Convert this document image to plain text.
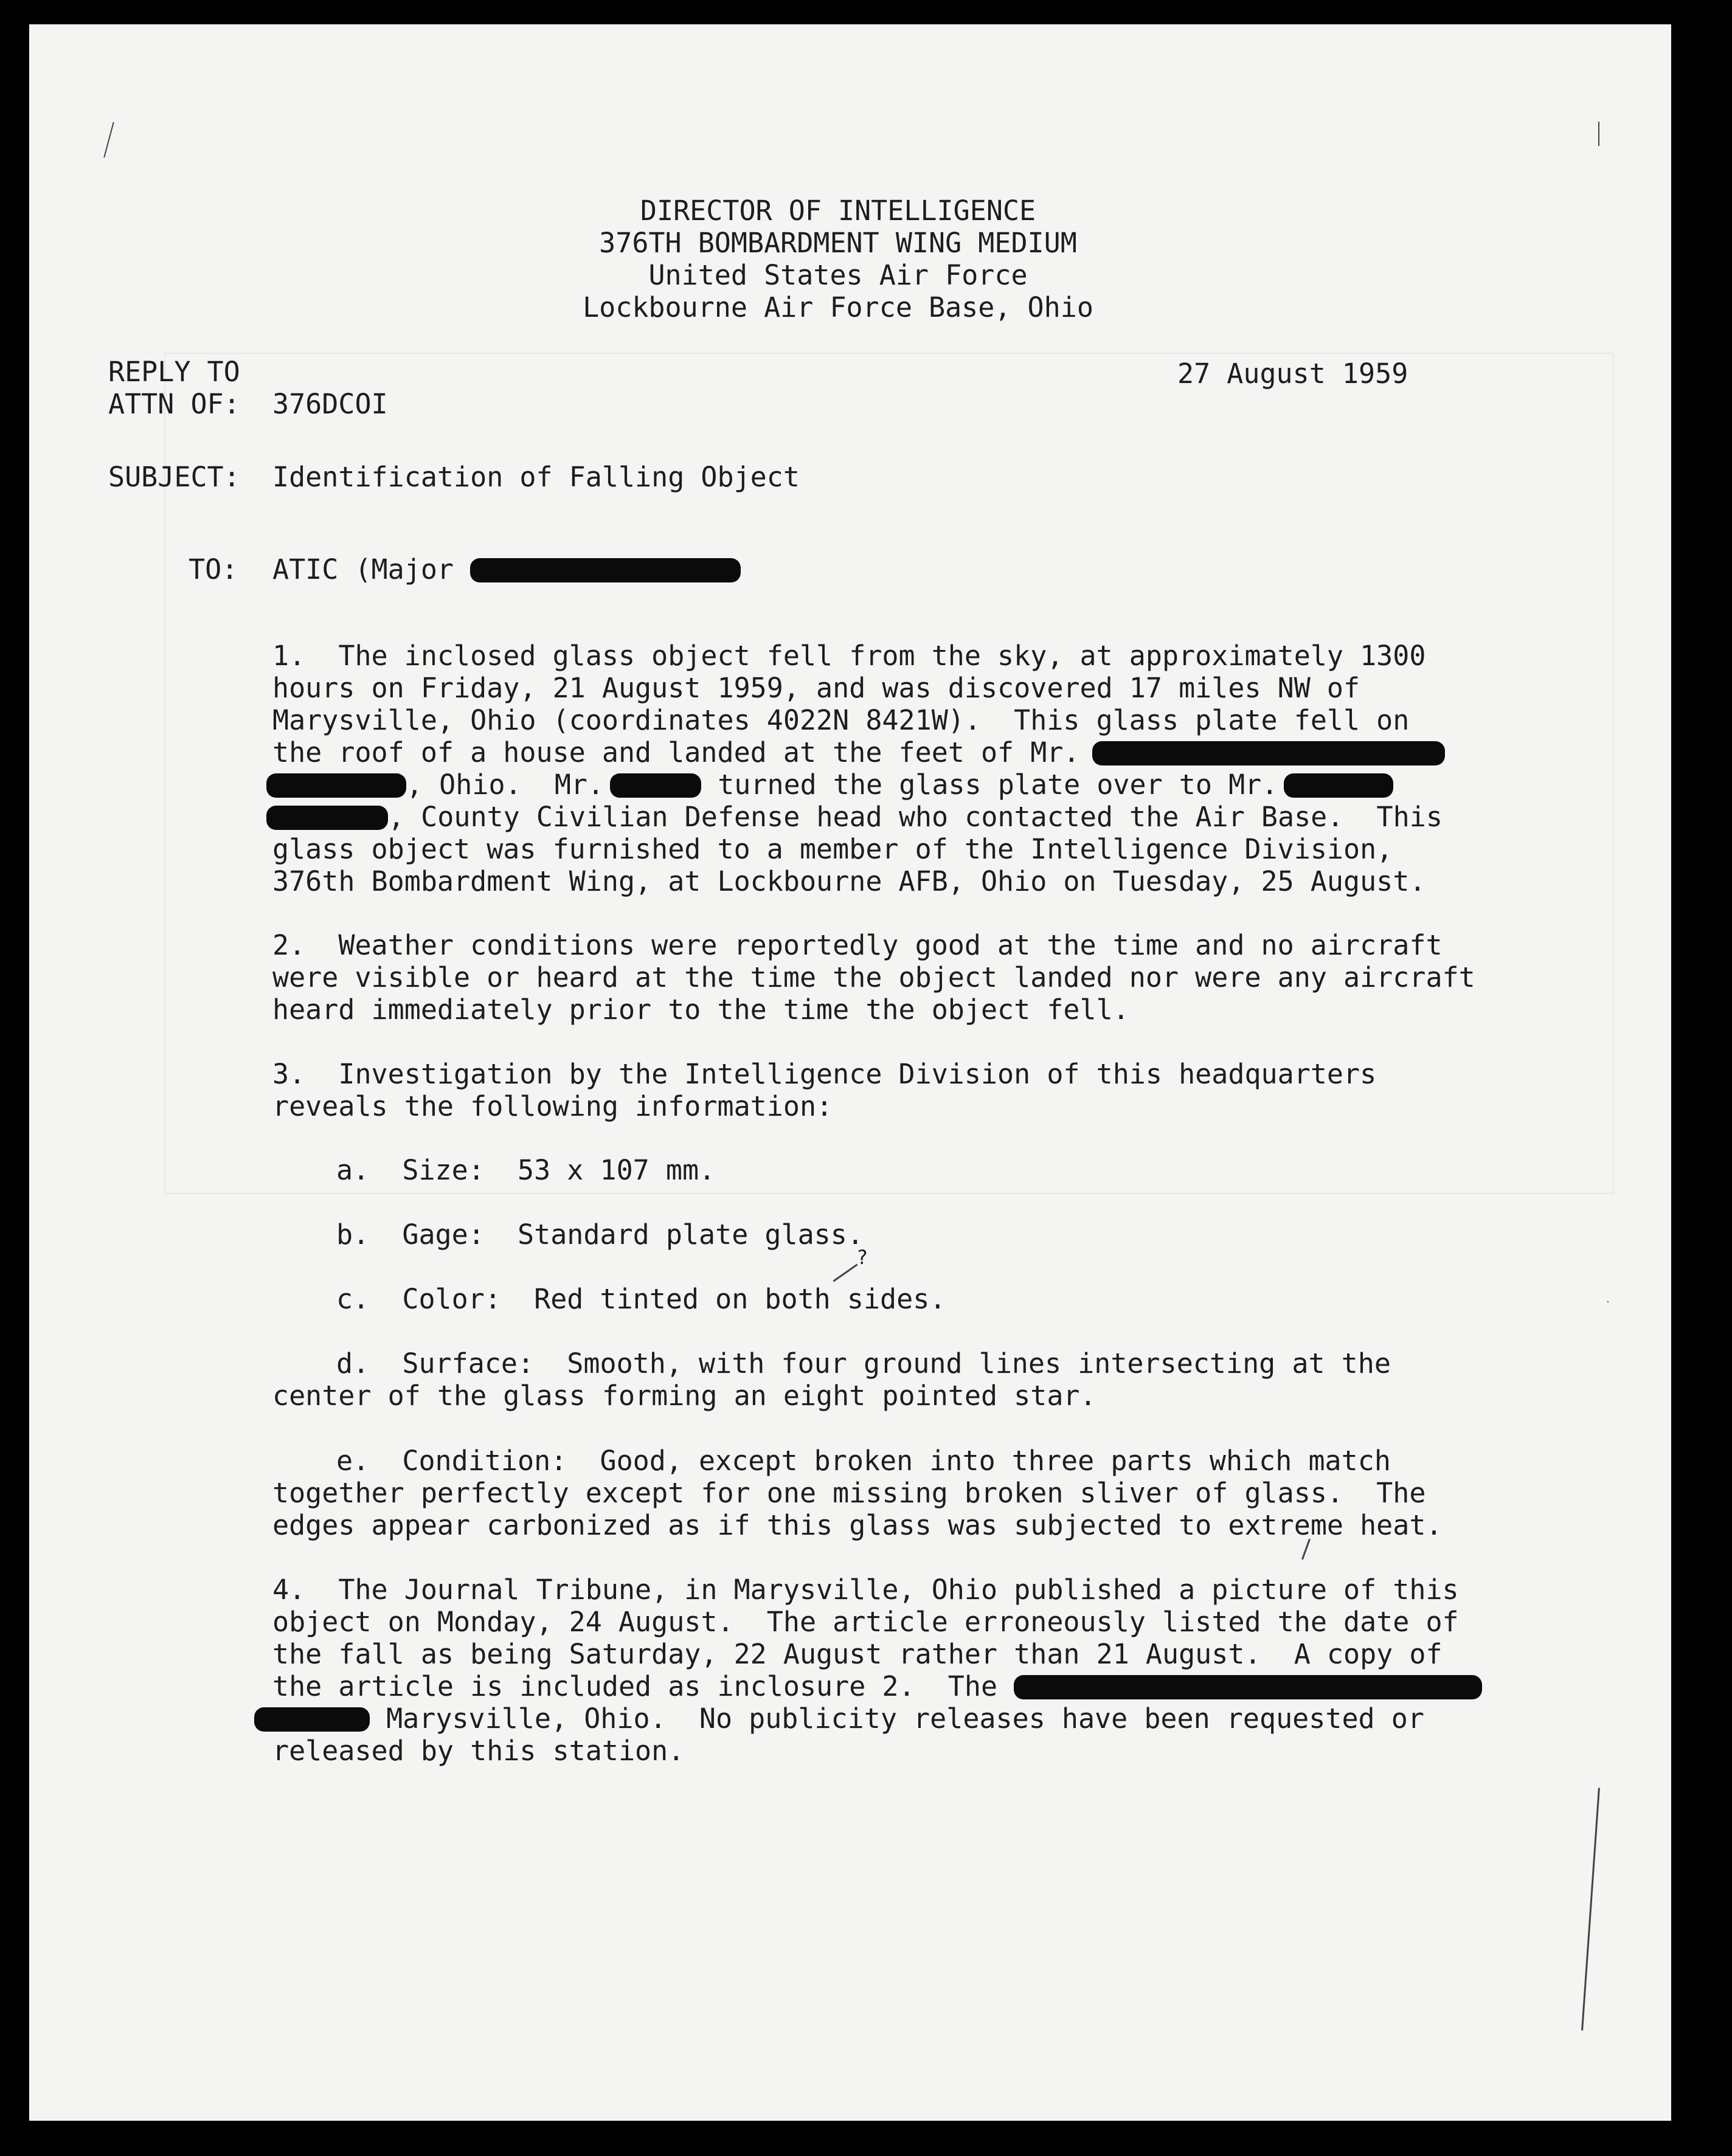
DIRECTOR OF INTELLIGENCE
376TH BOMBARDMENT WING MEDIUM
United States Air Force
Lockbourne Air Force Base, Ohio
REPLY TO
ATTN OF: 376DCOI
27 August 1959
SUBJECT: Identification of Falling Object
TO: ATIC (Major
1.  The inclosed glass object fell from the sky, at approximately 1300
hours on Friday, 21 August 1959, and was discovered 17 miles NW of
Marysville, Ohio (coordinates 4022N 8421W).  This glass plate fell on
the roof of a house and landed at the feet of Mr.
, Ohio.  Mr.	turned the glass plate over to Mr.
, County Civilian Defense head who contacted the Air Base.  This
glass object was furnished to a member of the Intelligence Division,
376th Bombardment Wing, at Lockbourne AFB, Ohio on Tuesday, 25 August.
2.  Weather conditions were reportedly good at the time and no aircraft
were visible or heard at the time the object landed nor were any aircraft
heard immediately prior to the time the object fell.
3.  Investigation by the Intelligence Division of this headquarters
reveals the following information:
a.  Size:  53 x 107 mm.
b.  Gage:  Standard plate glass.
c.  Color:  Red tinted on both sides.
?
d.  Surface:  Smooth, with four ground lines intersecting at the
center of the glass forming an eight pointed star.
e.  Condition:  Good, except broken into three parts which match
together perfectly except for one missing broken sliver of glass.  The
edges appear carbonized as if this glass was subjected to extreme heat.
4.  The Journal Tribune, in Marysville, Ohio published a picture of this
object on Monday, 24 August.  The article erroneously listed the date of
the fall as being Saturday, 22 August rather than 21 August.  A copy of
the article is included as inclosure 2.  The
Marysville, Ohio.  No publicity releases have been requested or
released by this station.
